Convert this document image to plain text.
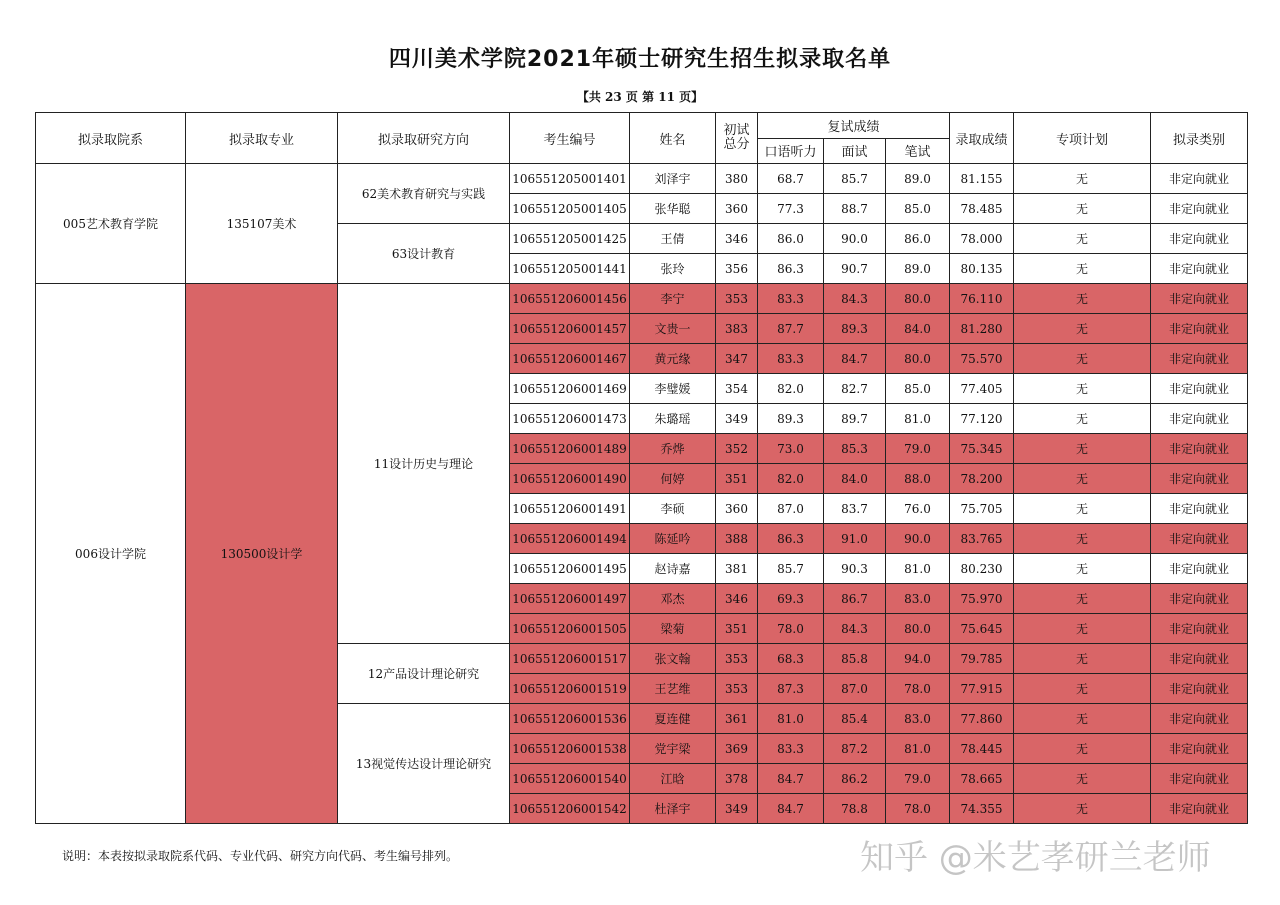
四川美术学院2021年硕士研究生招生拟录取名单
【共 23 页 第 11 页】
拟录取院系	拟录取专业	拟录取研究方向	考生编号	姓名	初试总分	复试成绩			录取成绩	专项计划	拟录类别
						口语听力	面试	笔试			
005艺术教育学院	135107美术	62美术教育研究与实践	106551205001401	刘泽宇	380	68.7	85.7	89.0	81.155	无	非定向就业
			106551205001405	张华聪	360	77.3	88.7	85.0	78.485	无	非定向就业
		63设计教育	106551205001425	王倩	346	86.0	90.0	86.0	78.000	无	非定向就业
			106551205001441	张玲	356	86.3	90.7	89.0	80.135	无	非定向就业
006设计学院	130500设计学	11设计历史与理论	106551206001456	李宁	353	83.3	84.3	80.0	76.110	无	非定向就业
			106551206001457	文贵一	383	87.7	89.3	84.0	81.280	无	非定向就业
			106551206001467	黄元缘	347	83.3	84.7	80.0	75.570	无	非定向就业
			106551206001469	李璧媛	354	82.0	82.7	85.0	77.405	无	非定向就业
			106551206001473	朱璐瑶	349	89.3	89.7	81.0	77.120	无	非定向就业
			106551206001489	乔烨	352	73.0	85.3	79.0	75.345	无	非定向就业
			106551206001490	何婷	351	82.0	84.0	88.0	78.200	无	非定向就业
			106551206001491	李硕	360	87.0	83.7	76.0	75.705	无	非定向就业
			106551206001494	陈延吟	388	86.3	91.0	90.0	83.765	无	非定向就业
			106551206001495	赵诗嘉	381	85.7	90.3	81.0	80.230	无	非定向就业
			106551206001497	邓杰	346	69.3	86.7	83.0	75.970	无	非定向就业
			106551206001505	梁菊	351	78.0	84.3	80.0	75.645	无	非定向就业
		12产品设计理论研究	106551206001517	张文翰	353	68.3	85.8	94.0	79.785	无	非定向就业
			106551206001519	王艺维	353	87.3	87.0	78.0	77.915	无	非定向就业
		13视觉传达设计理论研究	106551206001536	夏连健	361	81.0	85.4	83.0	77.860	无	非定向就业
			106551206001538	党宇梁	369	83.3	87.2	81.0	78.445	无	非定向就业
			106551206001540	江晗	378	84.7	86.2	79.0	78.665	无	非定向就业
			106551206001542	杜泽宇	349	84.7	78.8	78.0	74.355	无	非定向就业
说明：本表按拟录取院系代码、专业代码、研究方向代码、考生编号排列。	知乎 @米艺孝研兰老师
